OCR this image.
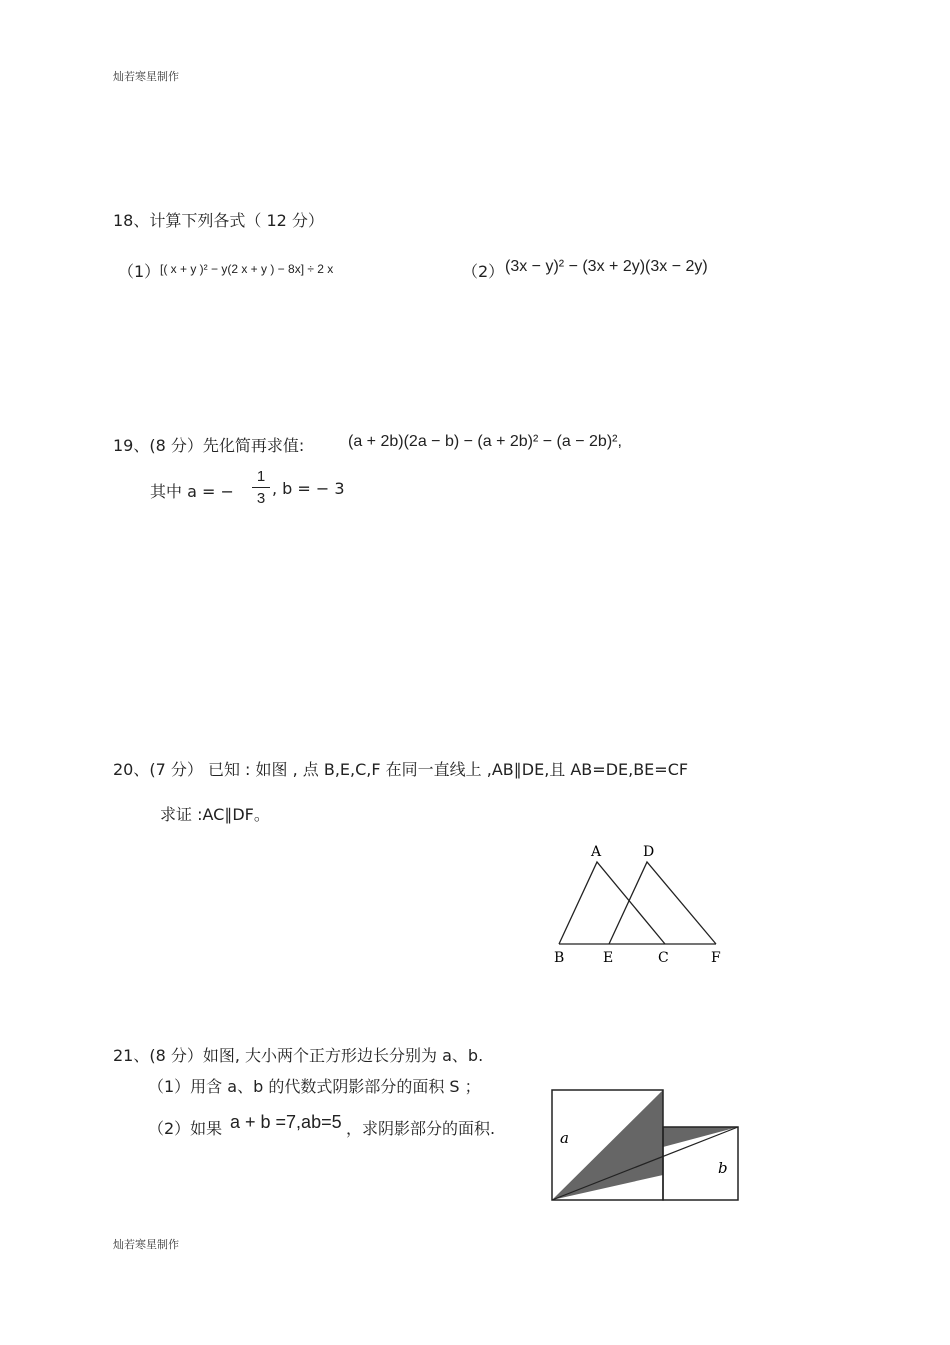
灿若寒星制作
18、计算下列各式（ 12 分）
（1） [( x + y )² − y(2 x + y ) − 8x] ÷ 2 x	（2） (3x − y)² − (3x + 2y)(3x − 2y)
19、(8 分）先化简再求值:	(a + 2b)(2a − b) − (a + 2b)² − (a − 2b)²,
其中 a = −
1
3
, b = − 3
20、(7 分） 已知 : 如图 , 点 B,E,C,F 在同一直线上 ,AB∥DE,且 AB=DE,BE=CF
求证 :AC∥DF。
A	D
B	E	C	F
21、(8 分）如图, 大小两个正方形边长分别为 a、b.
（1）用含 a、b 的代数式阴影部分的面积 S ；
（2）如果 a + b =7,ab=5 ，求阴影部分的面积.	a
b
灿若寒星制作
